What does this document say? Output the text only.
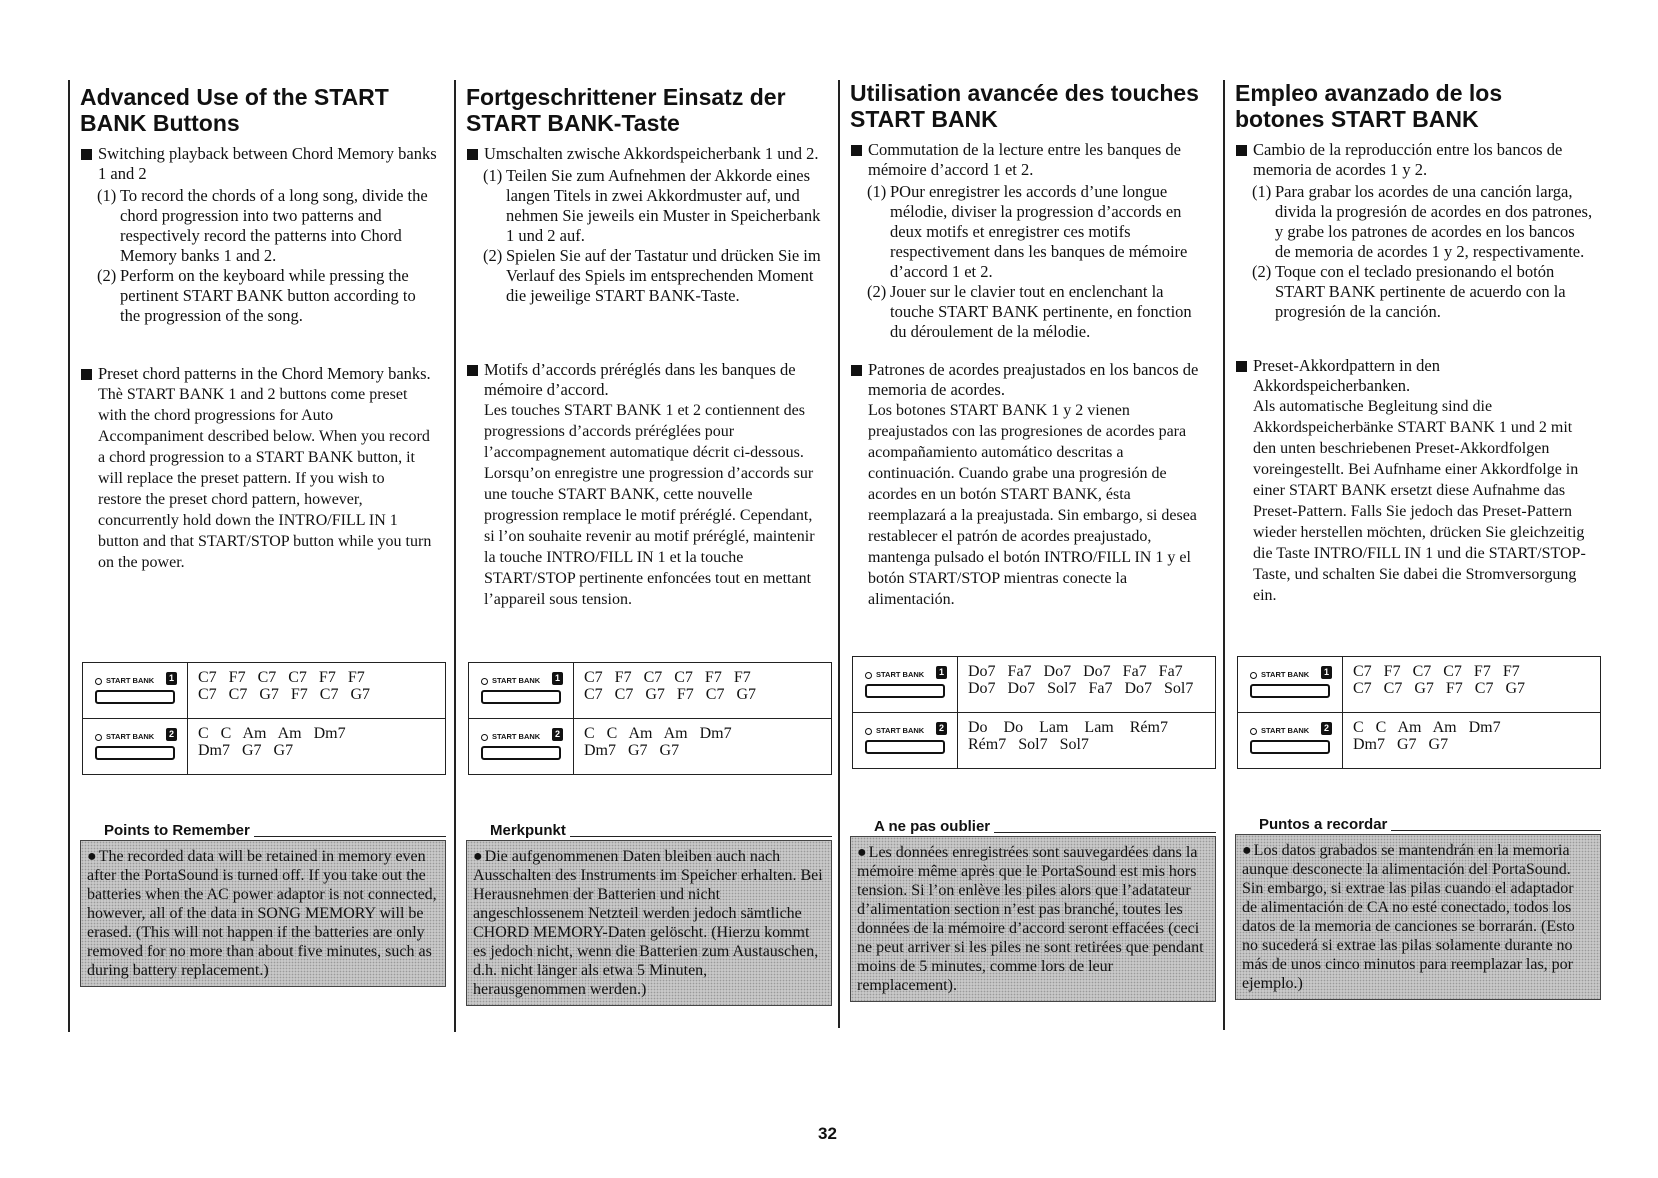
Advanced Use of the START BANK Buttons
Switching playback between Chord Memory banks 1 and 2
(1) To record the chords of a long song, divide the chord progression into two patterns and respectively record the patterns into Chord Memory banks 1 and 2.
(2) Perform on the keyboard while pressing the pertinent START BANK button according to the progression of the song.
Preset chord patterns in the Chord Memory banks.

Thè START BANK 1 and 2 buttons come preset with the chord progressions for Auto Accompaniment described below. When you record a chord progression to a START BANK button, it will replace the preset pattern. If you wish to restore the preset chord pattern, however, concurrently hold down the INTRO/FILL IN 1 button and that START/STOP button while you turn on the power.

START BANK	1 C7   F7   C7   C7   F7   F7
C7   C7   G7   F7   C7   G7
START BANK	2 C   C   Am   Am   Dm7
Dm7   G7   G7
Points to Remember
● The recorded data will be retained in memory even after the PortaSound is turned off. If you take out the batteries when the AC power adaptor is not connected, however, all of the data in SONG MEMORY will be erased. (This will not happen if the batteries are only removed for no more than about five minutes, such as during battery replacement.)
Fortgeschrittener Einsatz der START BANK-Taste
Umschalten zwische Akkordspeicherbank 1 und 2.
(1) Teilen Sie zum Aufnehmen der Akkorde eines langen Titels in zwei Akkordmuster auf, und nehmen Sie jeweils ein Muster in Speicherbank 1 und 2 auf.
(2) Spielen Sie auf der Tastatur und drücken Sie im Verlauf des Spiels im entsprechenden Moment die jeweilige START BANK-Taste.
Motifs d’accords préréglés dans les banques de mémoire d’accord.

Les touches START BANK 1 et 2 contiennent des progressions d’accords préréglées pour l’accompagnement automatique décrit ci-dessous. Lorsqu’on enregistre une progression d’accords sur une touche START BANK, cette nouvelle progression remplace le motif préréglé. Cependant, si l’on souhaite revenir au motif préréglé, maintenir la touche INTRO/FILL IN 1 et la touche START/STOP pertinente enfoncées tout en mettant l’appareil sous tension.

START BANK	1 C7   F7   C7   C7   F7   F7
C7   C7   G7   F7   C7   G7
START BANK	2 C   C   Am   Am   Dm7
Dm7   G7   G7
Merkpunkt
● Die aufgenommenen Daten bleiben auch nach Ausschalten des Instruments im Speicher erhalten. Bei Herausnehmen der Batterien und nicht angeschlossenem Netzteil werden jedoch sämtliche CHORD MEMORY-Daten gelöscht. (Hierzu kommt es jedoch nicht, wenn die Batterien zum Austauschen, d.h. nicht länger als etwa 5 Minuten, herausgenommen werden.)
Utilisation avancée des touches START BANK
Commutation de la lecture entre les banques de mémoire d’accord 1 et 2.
(1) POur enregistrer les accords d’une longue mélodie, diviser la progression d’accords en deux motifs et enregistrer ces motifs respectivement dans les banques de mémoire d’accord 1 et 2.
(2) Jouer sur le clavier tout en enclenchant la touche START BANK pertinente, en fonction du déroulement de la mélodie.
Patrones de acordes preajustados en los bancos de memoria de acordes.

Los botones START BANK 1 y 2 vienen preajustados con las progresiones de acordes para acompañamiento automático descritas a continuación. Cuando grabe una progresión de acordes en un botón START BANK, ésta reemplazará a la preajustada. Sin embargo, si desea restablecer el patrón de acordes preajustado, mantenga pulsado el botón INTRO/FILL IN 1 y el botón START/STOP mientras conecte la alimentación.

START BANK	1 Do7   Fa7   Do7   Do7   Fa7   Fa7
Do7   Do7   Sol7   Fa7   Do7   Sol7
START BANK	2 Do    Do    Lam    Lam    Rém7
Rém7   Sol7   Sol7
A ne pas oublier
● Les données enregistrées sont sauvegardées dans la mémoire même après que le PortaSound est mis hors tension. Si l’on enlève les piles alors que l’adatateur d’alimentation section n’est pas branché, toutes les données de la mémoire d’accord seront effacées (ceci ne peut arriver si les piles ne sont retirées que pendant moins de 5 minutes, comme lors de leur remplacement).
Empleo avanzado de los botones START BANK
Cambio de la reproducción entre los bancos de memoria de acordes 1 y 2.
(1) Para grabar los acordes de una canción larga, divida la progresión de acordes en dos patrones, y grabe los patrones de acordes en los bancos de memoria de acordes 1 y 2, respectivamente.
(2) Toque con el teclado presionando el botón START BANK pertinente de acuerdo con la progresión de la canción.
Preset-Akkordpattern in den Akkordspeicherbanken.

Als automatische Begleitung sind die Akkordspeicherbänke START BANK 1 und 2 mit den unten beschriebenen Preset-Akkordfolgen voreingestellt. Bei Aufnhame einer Akkordfolge in einer START BANK ersetzt diese Aufnahme das Preset-Pattern. Falls Sie jedoch das Preset-Pattern wieder herstellen möchten, drücken Sie gleichzeitig die Taste INTRO/FILL IN 1 und die START/STOP-Taste, und schalten Sie dabei die Stromversorgung ein.

START BANK	1 C7   F7   C7   C7   F7   F7
C7   C7   G7   F7   C7   G7
START BANK	2 C   C   Am   Am   Dm7
Dm7   G7   G7
Puntos a recordar
● Los datos grabados se mantendrán en la memoria aunque desconecte la alimentación del PortaSound. Sin embargo, si extrae las pilas cuando el adaptador de alimentación de CA no esté conectado, todos los datos de la memoria de canciones se borrarán. (Esto no sucederá si extrae las pilas solamente durante no más de unos cinco minutos para reemplazar las, por ejemplo.)
32
